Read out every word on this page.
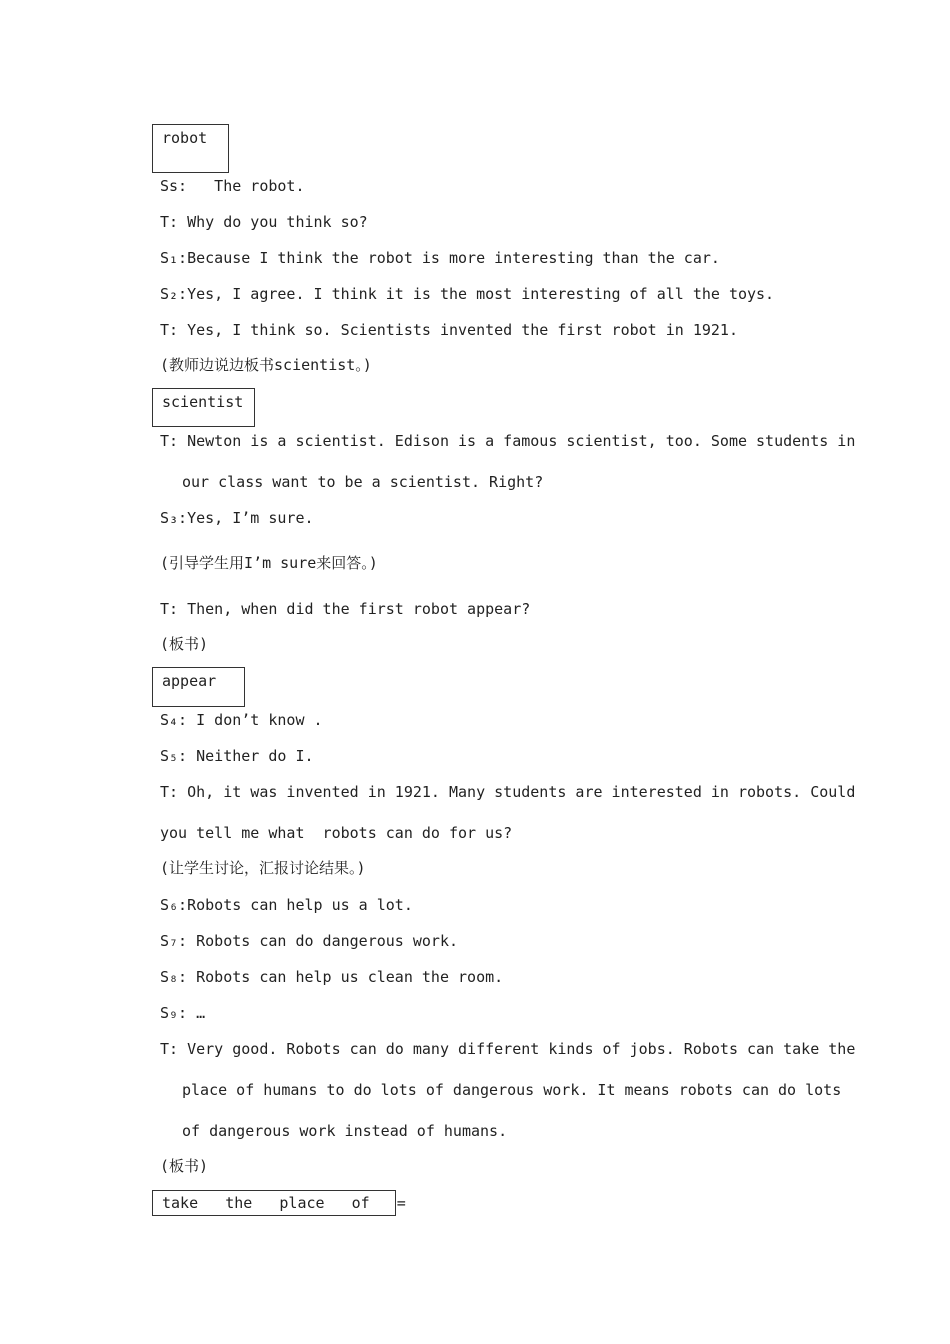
robot
Ss:   The robot.
T: Why do you think so?
S₁:Because I think the robot is more interesting than the car.
S₂:Yes, I agree. I think it is the most interesting of all the toys.
T: Yes, I think so. Scientists invented the first robot in 1921.
(教师边说边板书scientist。)
scientist
T: Newton is a scientist. Edison is a famous scientist, too. Some students in
our class want to be a scientist. Right?
S₃:Yes, I’m sure.
(引导学生用I’m sure来回答。)
T: Then, when did the first robot appear?
(板书)
appear
S₄: I don’t know .
S₅: Neither do I.
T: Oh, it was invented in 1921. Many students are interested in robots. Could
you tell me what  robots can do for us?
(让学生讨论，汇报讨论结果。)
S₆:Robots can help us a lot.
S₇: Robots can do dangerous work.
S₈: Robots can help us clean the room.
S₉: …
T: Very good. Robots can do many different kinds of jobs. Robots can take the
place of humans to do lots of dangerous work. It means robots can do lots
of dangerous work instead of humans.
(板书)
take   the   place   of   =
